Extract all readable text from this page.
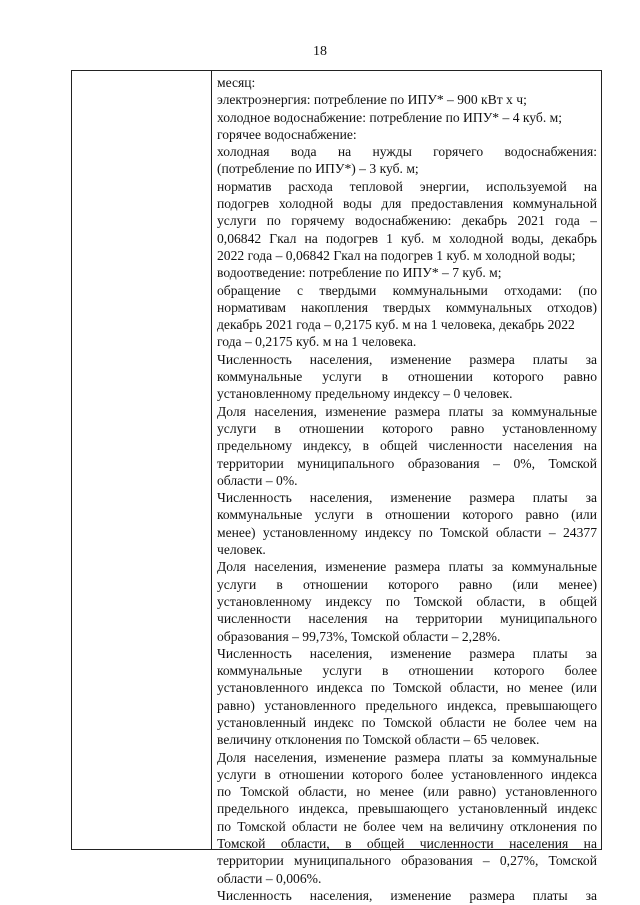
18
месяц:
электроэнергия: потребление по ИПУ* – 900 кВт х ч;
холодное водоснабжение: потребление по ИПУ* – 4 куб. м;
горячее водоснабжение:
холодная вода на нужды горячего водоснабжения:
(потребление по ИПУ*) – 3 куб. м;
норматив расхода тепловой энергии, используемой на
подогрев холодной воды для предоставления коммунальной
услуги по горячему водоснабжению: декабрь 2021 года –
0,06842 Гкал на подогрев 1 куб. м холодной воды, декабрь
2022 года – 0,06842 Гкал на подогрев 1 куб. м холодной воды;
водоотведение: потребление по ИПУ* – 7 куб. м;
обращение с твердыми коммунальными отходами: (по
нормативам накопления твердых коммунальных отходов)
декабрь 2021 года – 0,2175 куб. м на 1 человека, декабрь 2022
года – 0,2175 куб. м на 1 человека.
Численность населения, изменение размера платы за
коммунальные услуги в отношении которого равно
установленному предельному индексу – 0 человек.
Доля населения, изменение размера платы за коммунальные
услуги в отношении которого равно установленному
предельному индексу, в общей численности населения на
территории муниципального образования – 0%, Томской
области – 0%.
Численность населения, изменение размера платы за
коммунальные услуги в отношении которого равно (или
менее) установленному индексу по Томской области – 24377
человек.
Доля населения, изменение размера платы за коммунальные
услуги в отношении которого равно (или менее)
установленному индексу по Томской области, в общей
численности населения на территории муниципального
образования – 99,73%, Томской области – 2,28%.
Численность населения, изменение размера платы за
коммунальные услуги в отношении которого более
установленного индекса по Томской области, но менее (или
равно) установленного предельного индекса, превышающего
установленный индекс по Томской области не более чем на
величину отклонения по Томской области – 65 человек.
Доля населения, изменение размера платы за коммунальные
услуги в отношении которого более установленного индекса
по Томской области, но менее (или равно) установленного
предельного индекса, превышающего установленный индекс
по Томской области не более чем на величину отклонения по
Томской области, в общей численности населения на
территории муниципального образования – 0,27%, Томской
области – 0,006%.
Численность населения, изменение размера платы за
